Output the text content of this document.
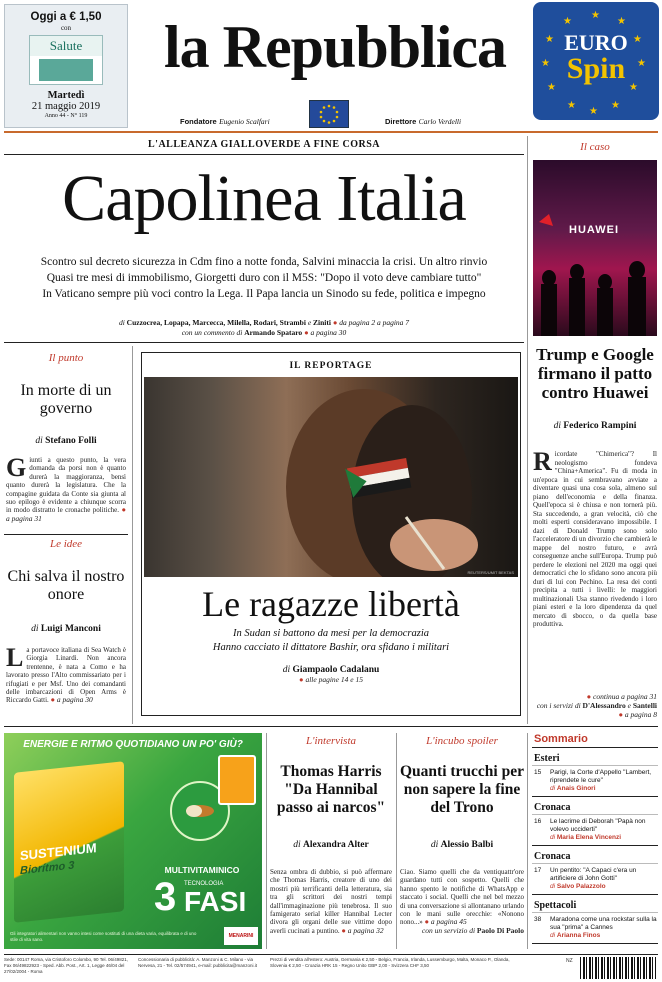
Oggi a € 1,50
con
Salute
Martedì
21 maggio 2019
Anno 44 - N° 119
la Repubblica
Fondatore Eugenio Scalfari	Direttore Carlo Verdelli
★
★
★
★
★
★
★
★
★
★
★
★
EURO
Spin
L'ALLEANZA GIALLOVERDE A FINE CORSA
Capolinea Italia
Scontro sul decreto sicurezza in Cdm fino a notte fonda, Salvini minaccia la crisi. Un altro rinvio
Quasi tre mesi di immobilismo, Giorgetti duro con il M5S: "Dopo il voto deve cambiare tutto"
In Vaticano sempre più voci contro la Lega. Il Papa lancia un Sinodo su fede, politica e impegno
di Cuzzocrea, Lopapa, Marcecca, Milella, Rodari, Strambi e Ziniti ● da pagina 2 a pagina 7
con un commento di Armando Spataro ● a pagina 30
Il punto
In morte di un governo
di Stefano Folli
G iunti a questo punto, la vera domanda da porsi non è quanto durerà la maggioranza, bensì quanto durerà la legislatura. Che la compagine guidata da Conte sia giunta al suo epilogo è evidente a chiunque scorra in modo distratto le cronache politiche. ● a pagina 31
Le idee
Chi salva il nostro onore
di Luigi Manconi
L a portavoce italiana di Sea Watch è Giorgia Linardi. Non ancora trentenne, è nata a Como e ha lavorato presso l'Alto commissariato per i rifugiati e per Msf. Uno dei comandanti delle imbarcazioni di Open Arms è Riccardo Gatti. ● a pagina 30
IL REPORTAGE
REUTERS/UMIT BEKTAS
Le ragazze libertà
In Sudan si battono da mesi per la democrazia
Hanno cacciato il dittatore Bashir, ora sfidano i militari
di Giampaolo Cadalanu
● alle pagine 14 e 15
Il caso
HUAWEI
Trump e Google firmano il patto contro Huawei
di Federico Rampini
R icordate "Chimerica"? Il neologismo fondeva "China+America". Fu di moda in un'epoca in cui sembravano avviate a diventare quasi una cosa sola, almeno sul piano dell'economia e della finanza. Quell'epoca si è chiusa e non tornerà più. Sta succedendo, a gran velocità, ciò che molti esperti consideravano impossibile. I dazi di Donald Trump sono solo l'acceleratore di un divorzio che cambierà le mappe del nostro futuro, e avrà conseguenze anche sull'Europa. Trump può perdere le elezioni nel 2020 ma oggi quei democratici che lo sfidano sono ancora più duri di lui con Pechino. La resa dei conti precipita a tutti i livelli: le maggiori multinazionali Usa stanno rivedendo i loro piani esteri e la loro dipendenza da quel mercato di sbocco, o da quella base produttiva.
● continua a pagina 31
con i servizi di D'Alessandro e Santelli ● a pagina 8
ENERGIE E RITMO QUOTIDIANO UN PO' GIÙ?
SUSTENIUM
Biorítmo 3	MULTIVITAMINICO
3 TECNOLOGIA
FASI
Gli integratori alimentari non vanno intesi come sostituti di una dieta varia, equilibrata e di uno stile di vita sano.	MENARINI
L'intervista
Thomas Harris "Da Hannibal passo ai narcos"
di Alexandra Alter
Senza ombra di dubbio, si può affermare che Thomas Harris, creatore di uno dei mostri più terrificanti della letteratura, sia tra gli scrittori dei nostri tempi dall'immaginazione più tenebrosa. Il suo famigerato serial killer Hannibal Lecter divora gli organi delle sue vittime dopo averli cucinati a puntino. ● a pagina 32
L'incubo spoiler
Quanti trucchi per non sapere la fine del Trono
di Alessio Balbi
Ciao. Siamo quelli che da ventiquattr'ore guardano tutti con sospetto. Quelli che hanno spento le notifiche di WhatsApp e staccato i social. Quelli che nel bel mezzo di una conversazione si allontanano urlando con le mani sulle orecchie: «Nonono nono...» ● a pagina 45
con un servizio di Paolo Di Paolo
Sommario
Esteri
15	Parigi, la Corte d'Appello "Lambert, riprendete le cure"
di Anais Ginori
Cronaca
16	Le lacrime di Deborah "Papà non volevo ucciderti"
di Maria Elena Vincenzi
Cronaca
17	Un pentito: "A Capaci c'era un artificiere di John Gotti"
di Salvo Palazzolo
Spettacoli
38	Maradona come una rockstar sulla la sua "prima" a Cannes
di Arianna Finos
Sede: 00147 Roma, via Cristoforo Colombo, 90 Tel. 06/49821, Fax 06/49822923 - Sped. Abb. Post., Art. 1, Legge 46/04 del 27/02/2004 - Roma
Concessionaria di pubblicità: A. Manzoni & C. Milano - via Nervesa, 21 - Tel. 02/574941, e-mail: pubblicita@manzoni.it
Prezzi di vendita all'estero: Austria, Germania € 2,50 - Belgio, Francia, Irlanda, Lussemburgo, Malta, Monaco P., Olanda, Slovenia € 2,50 - Croazia HRK 15 - Regno Unito GBP 2,00 - Svizzera CHF 3,50
NZ
